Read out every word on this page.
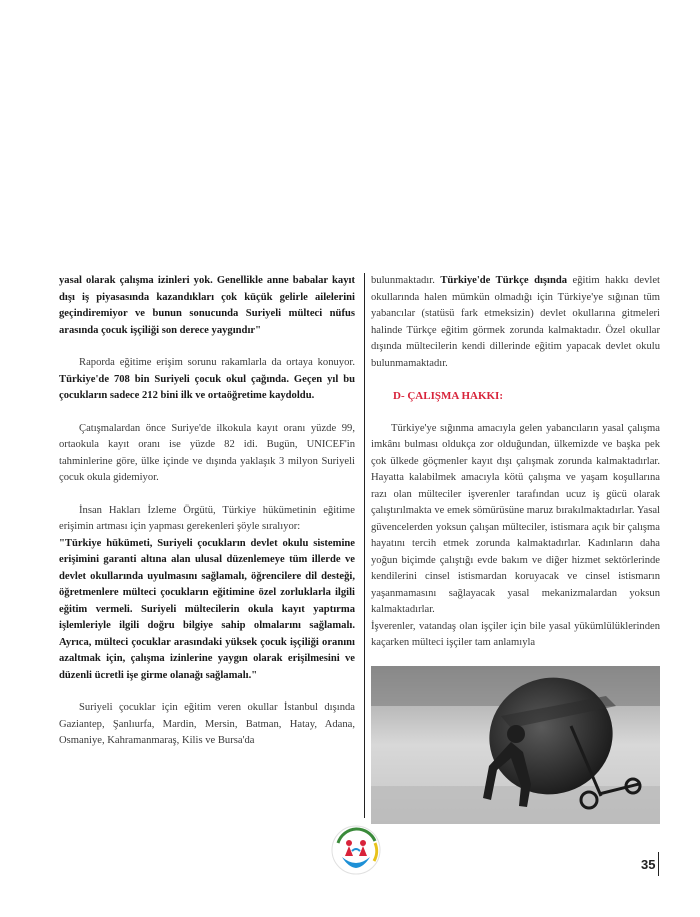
yasal olarak çalışma izinleri yok. Genellikle anne babalar kayıt dışı iş piyasasında kazandıkları çok küçük gelirle ailelerini geçindiremiyor ve bunun sonucunda Suriyeli mülteci nüfus arasında çocuk işçiliği son derece yaygındır"

Raporda eğitime erişim sorunu rakamlarla da ortaya konuyor. Türkiye'de 708 bin Suriyeli çocuk okul çağında. Geçen yıl bu çocukların sadece 212 bini ilk ve ortaöğretime kaydoldu.

Çatışmalardan önce Suriye'de ilkokula kayıt oranı yüzde 99, ortaokula kayıt oranı ise yüzde 82 idi. Bugün, UNICEF'in tahminlerine göre, ülke içinde ve dışında yaklaşık 3 milyon Suriyeli çocuk okula gidemiyor.

İnsan Hakları İzleme Örgütü, Türkiye hükümetinin eğitime erişimin artması için yapması gerekenleri şöyle sıralıyor:

"Türkiye hükümeti, Suriyeli çocukların devlet okulu sistemine erişimini garanti altına alan ulusal düzenlemeye tüm illerde ve devlet okullarında uyulmasını sağlamalı, öğrencilere dil desteği, öğretmenlere mülteci çocukların eğitimine özel zorluklarla ilgili eğitim vermeli. Suriyeli mültecilerin okula kayıt yaptırma işlemleriyle ilgili doğru bilgiye sahip olmalarını sağlamalı. Ayrıca, mülteci çocuklar arasındaki yüksek çocuk işçiliği oranını azaltmak için, çalışma izinlerine yaygın olarak erişilmesini ve düzenli ücretli işe girme olanağı sağlamalı."

Suriyeli çocuklar için eğitim veren okullar İstanbul dışında Gaziantep, Şanlıurfa, Mardin, Mersin, Batman, Hatay, Adana, Osmaniye, Kahramanmaraş, Kilis ve Bursa'da

bulunmaktadır. Türkiye'de Türkçe dışında eğitim hakkı devlet okullarında halen mümkün olmadığı için Türkiye'ye sığınan tüm yabancılar (statüsü fark etmeksizin) devlet okullarına gitmeleri halinde Türkçe eğitim görmek zorunda kalmaktadır. Özel okullar dışında mültecilerin kendi dillerinde eğitim yapacak devlet okulu bulunmamaktadır.

D- ÇALIŞMA HAKKI:

Türkiye'ye sığınma amacıyla gelen yabancıların yasal çalışma imkânı bulması oldukça zor olduğundan, ülkemizde ve başka pek çok ülkede göçmenler kayıt dışı çalışmak zorunda kalmaktadırlar. Hayatta kalabilmek amacıyla kötü çalışma ve yaşam koşullarına razı olan mülteciler işverenler tarafından ucuz iş gücü olarak çalıştırılmakta ve emek sömürüsüne maruz bırakılmaktadırlar. Yasal güvencelerden yoksun çalışan mülteciler, istismara açık bir çalışma hayatını tercih etmek zorunda kalmaktadırlar. Kadınların daha yoğun biçimde çalıştığı evde bakım ve diğer hizmet sektörlerinde kendilerini cinsel istismardan koruyacak ve cinsel istismarın yaşanmamasını sağlayacak yasal mekanizmalardan yoksun kalmaktadırlar.

İşverenler, vatandaş olan işçiler için bile yasal yükümlülüklerinden kaçarken mülteci işçiler tam anlamıyla

35
